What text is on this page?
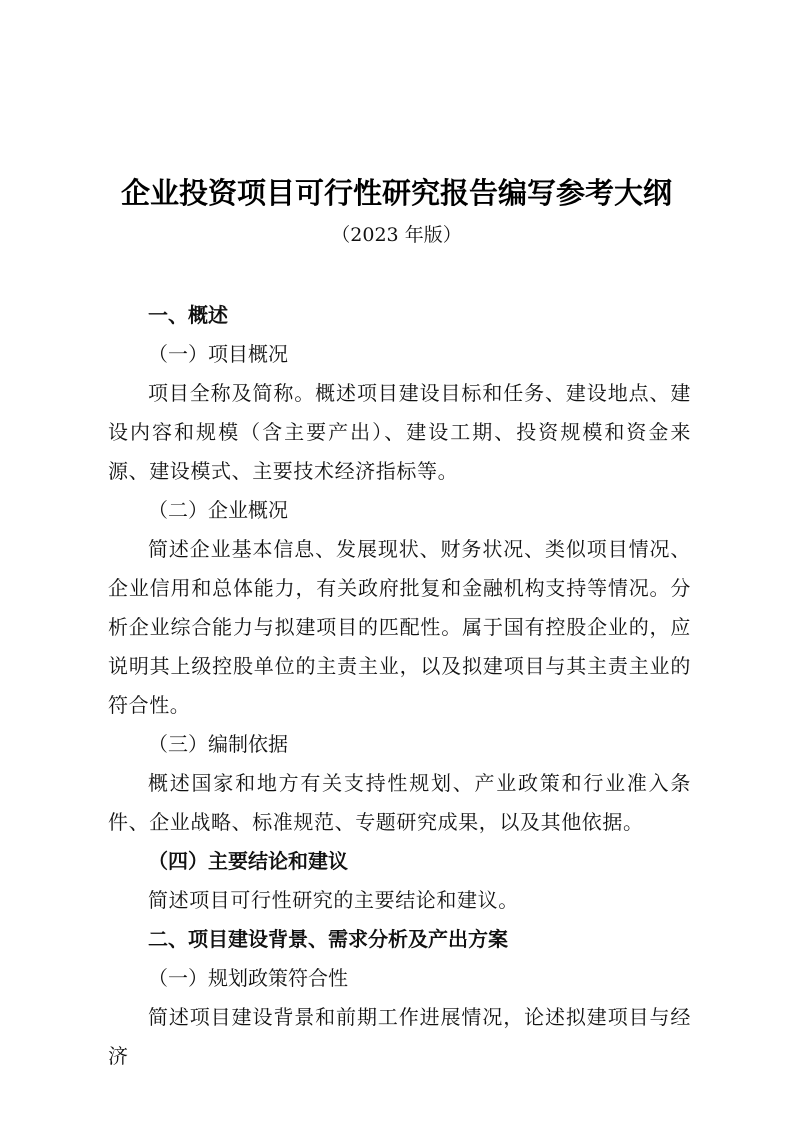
企业投资项目可行性研究报告编写参考大纲
（2023 年版）
一、概述
（一）项目概况

项目全称及简称。概述项目建设目标和任务、建设地点、建设内容和规模（含主要产出）、建设工期、投资规模和资金来源、建设模式、主要技术经济指标等。

（二）企业概况

简述企业基本信息、发展现状、财务状况、类似项目情况、企业信用和总体能力，有关政府批复和金融机构支持等情况。分析企业综合能力与拟建项目的匹配性。属于国有控股企业的，应说明其上级控股单位的主责主业，以及拟建项目与其主责主业的符合性。

（三）编制依据

概述国家和地方有关支持性规划、产业政策和行业准入条件、企业战略、标准规范、专题研究成果，以及其他依据。

（四）主要结论和建议

简述项目可行性研究的主要结论和建议。

二、项目建设背景、需求分析及产出方案
（一）规划政策符合性

简述项目建设背景和前期工作进展情况，论述拟建项目与经济
